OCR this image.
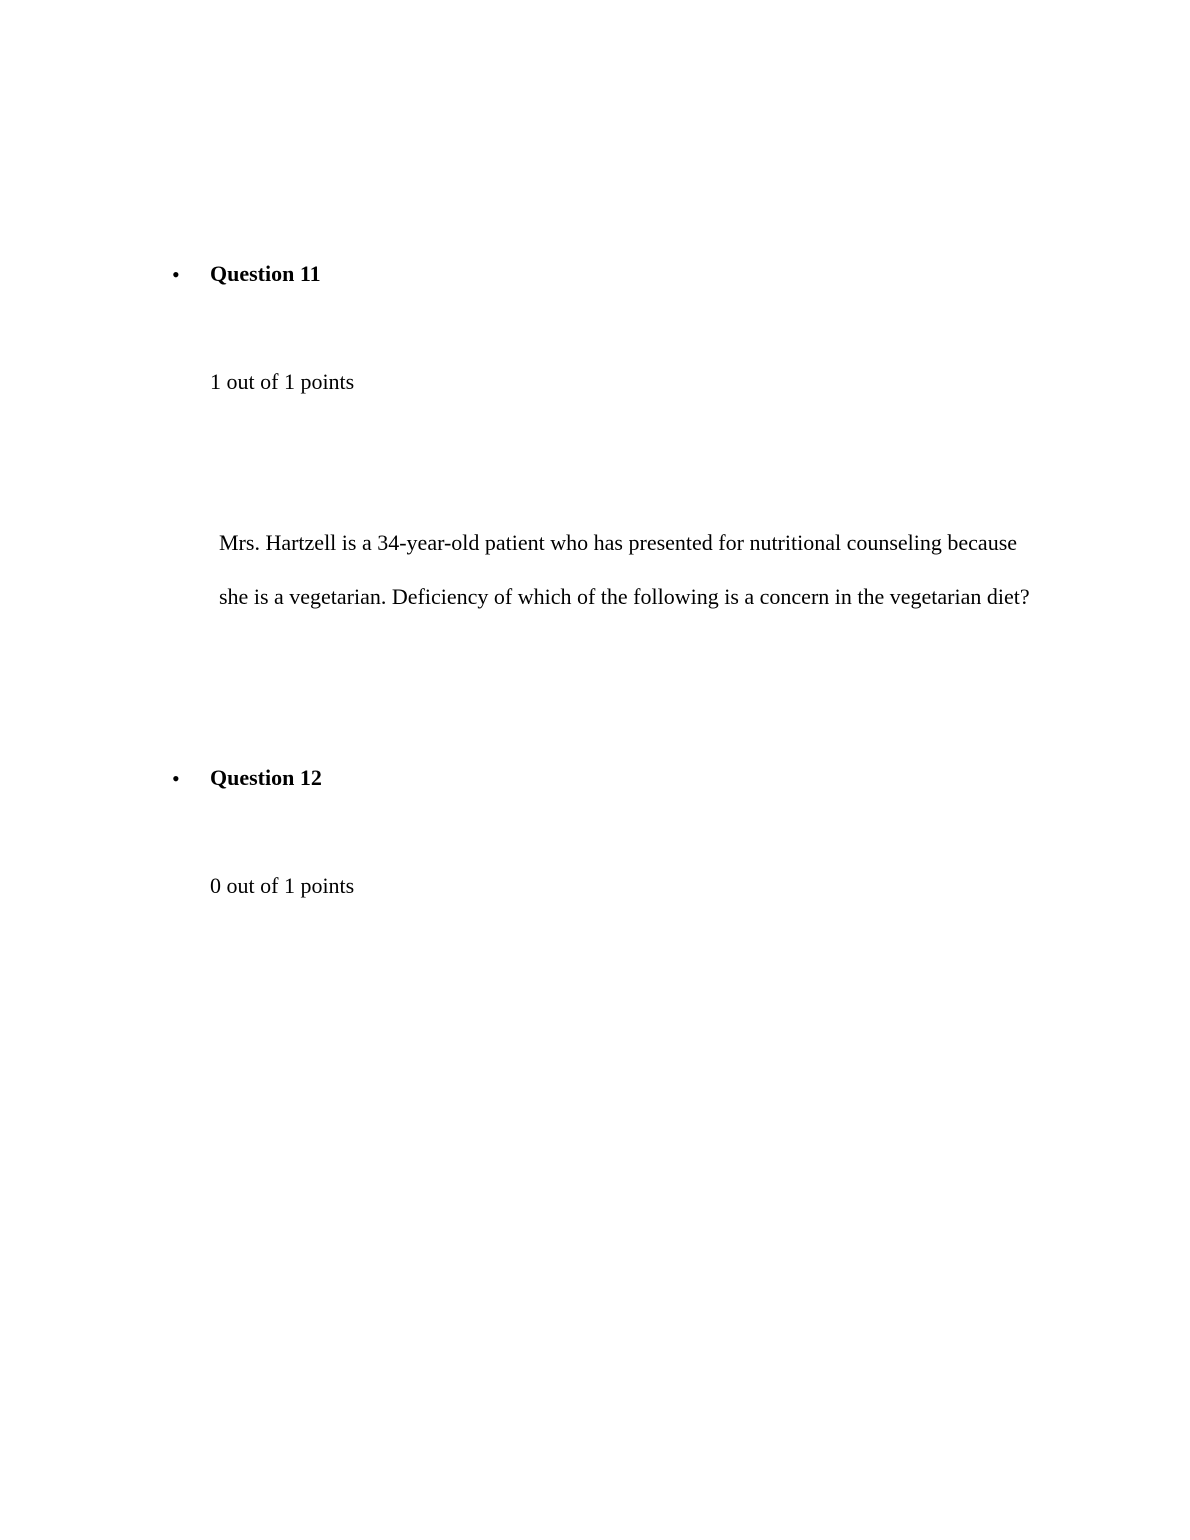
• Question 11
1 out of 1 points
Mrs. Hartzell is a 34-year-old patient who has presented for nutritional counseling because
she is a vegetarian. Deficiency of which of the following is a concern in the vegetarian diet?
• Question 12
0 out of 1 points
